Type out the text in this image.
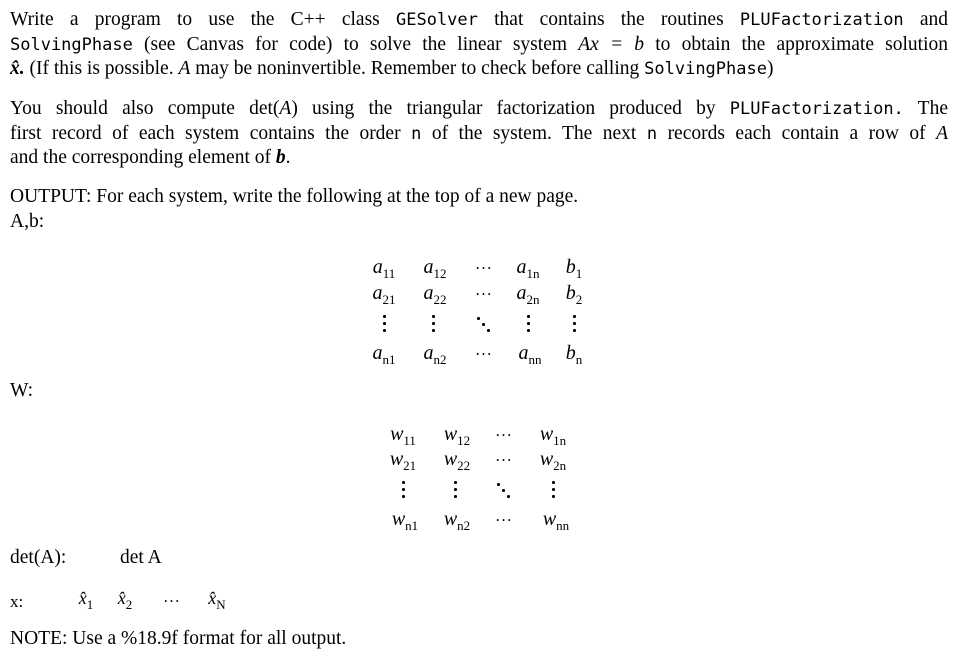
Write a program to use the C++ class GESolver that contains the routines PLUFactorization and
SolvingPhase (see Canvas for code) to solve the linear system Ax = b to obtain the approximate solution
x̂. (If this is possible. A may be noninvertible. Remember to check before calling SolvingPhase)
You should also compute det(A) using the triangular factorization produced by PLUFactorization. The
first record of each system contains the order n of the system. The next n records each contain a row of A
and the corresponding element of b.
OUTPUT: For each system, write the following at the top of a new page.
A,b:
$a_{11}$ $a_{12}$ ··· $a_{1n}$ $b_1$
$a_{21}$ $a_{22}$ ··· $a_{2n}$ $b_2$
$a_{n1}$ $a_{n2}$ ··· $a_{nn}$ $b_n$
W:
$w_{11}$ $w_{12}$ ··· $w_{1n}$
$w_{21}$ $w_{22}$ ··· $w_{2n}$
$w_{n1}$ $w_{n2}$ ··· $w_{nn}$
det(A):	det A
x:	$x̂_1$ $x̂_2$ ··· $x̂_N$
NOTE: Use a %18.9f format for all output.
